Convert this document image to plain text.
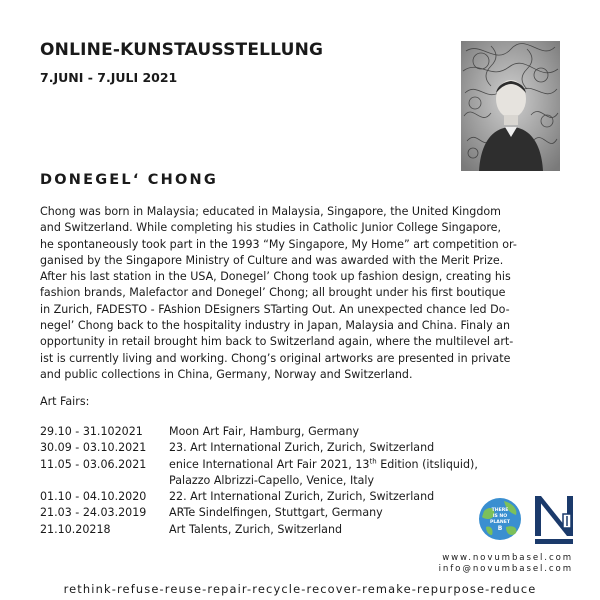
ONLINE-KUNSTAUSSTELLUNG
7.JUNI - 7.JULI 2021
DONEGEL‘ CHONG
Chong was born in Malaysia; educated in Malaysia, Singapore, the United Kingdom
and Switzerland. While completing his studies in Catholic Junior College Singapore,
he spontaneously took part in the 1993 “My Singapore, My Home” art competition or-
ganised by the Singapore Ministry of Culture and was awarded with the Merit Prize.
After his last station in the USA, Donegel’ Chong took up fashion design, creating his
fashion brands, Malefactor and Donegel’ Chong; all brought under his first boutique
in Zurich, FADESTO - FAshion DEsigners STarting Out. An unexpected chance led Do-
negel’ Chong back to the hospitality industry in Japan, Malaysia and China. Finaly an
opportunity in retail brought him back to Switzerland again, where the multilevel art-
ist is currently living and working. Chong’s original artworks are presented in private
and public collections in China, Germany, Norway and Switzerland.
Art Fairs:
29.10 - 31.102021	Moon Art Fair, Hamburg, Germany
30.09 - 03.10.2021	23. Art International Zurich, Zurich, Switzerland
11.05 - 03.06.2021	enice International Art Fair 2021, 13th Edition (itsliquid),
Palazzo Albrizzi-Capello, Venice, Italy
01.10 - 04.10.2020	22. Art International Zurich, Zurich, Switzerland
21.03 - 24.03.2019	ARTe Sindelfingen, Stuttgart, Germany
21.10.20218	Art Talents, Zurich, Switzerland
THERE
IS NO
PLANET
B
www.novumbasel.com
info@novumbasel.com
rethink-refuse-reuse-repair-recycle-recover-remake-repurpose-reduce
